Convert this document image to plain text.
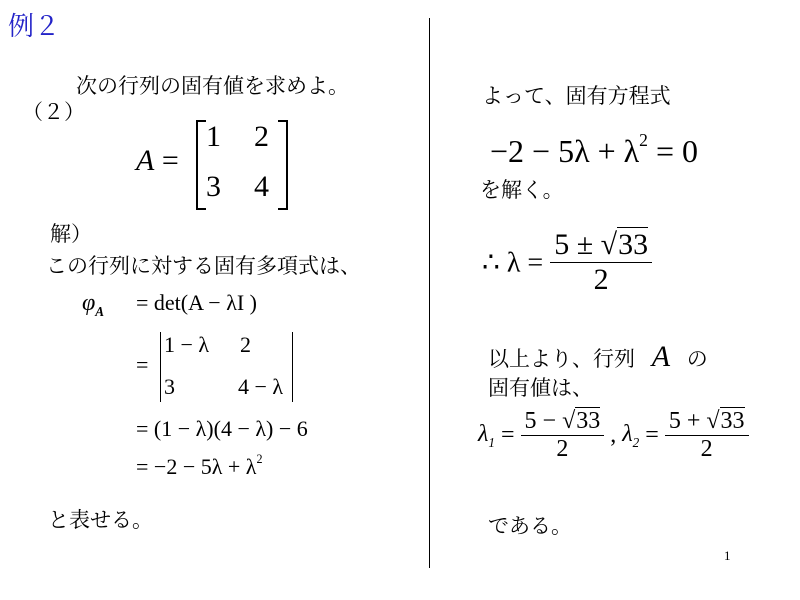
例２
次の行列の固有値を求めよ。
（２）
A =
1 2
3 4
解）
この行列に対する固有多項式は、
$\varphi_A = \det(A - \lambda I$ )
=
1 − λ 2
3	4 − λ
= (1 − λ)(4 − λ) − 6
= $-2 - 5\lambda + \lambda^2$
と表せる。
よって、固有方程式
$-2 - 5\lambda + \lambda^2 = 0$
を解く。
∴ $\lambda = \frac{5 \pm √33}{2}$
以上より、行列 A の
固有値は、
$\lambda_1 = \frac{5 - √33}{2}$ , $\lambda_2 = \frac{5 + √33}{2}$
である。
1
